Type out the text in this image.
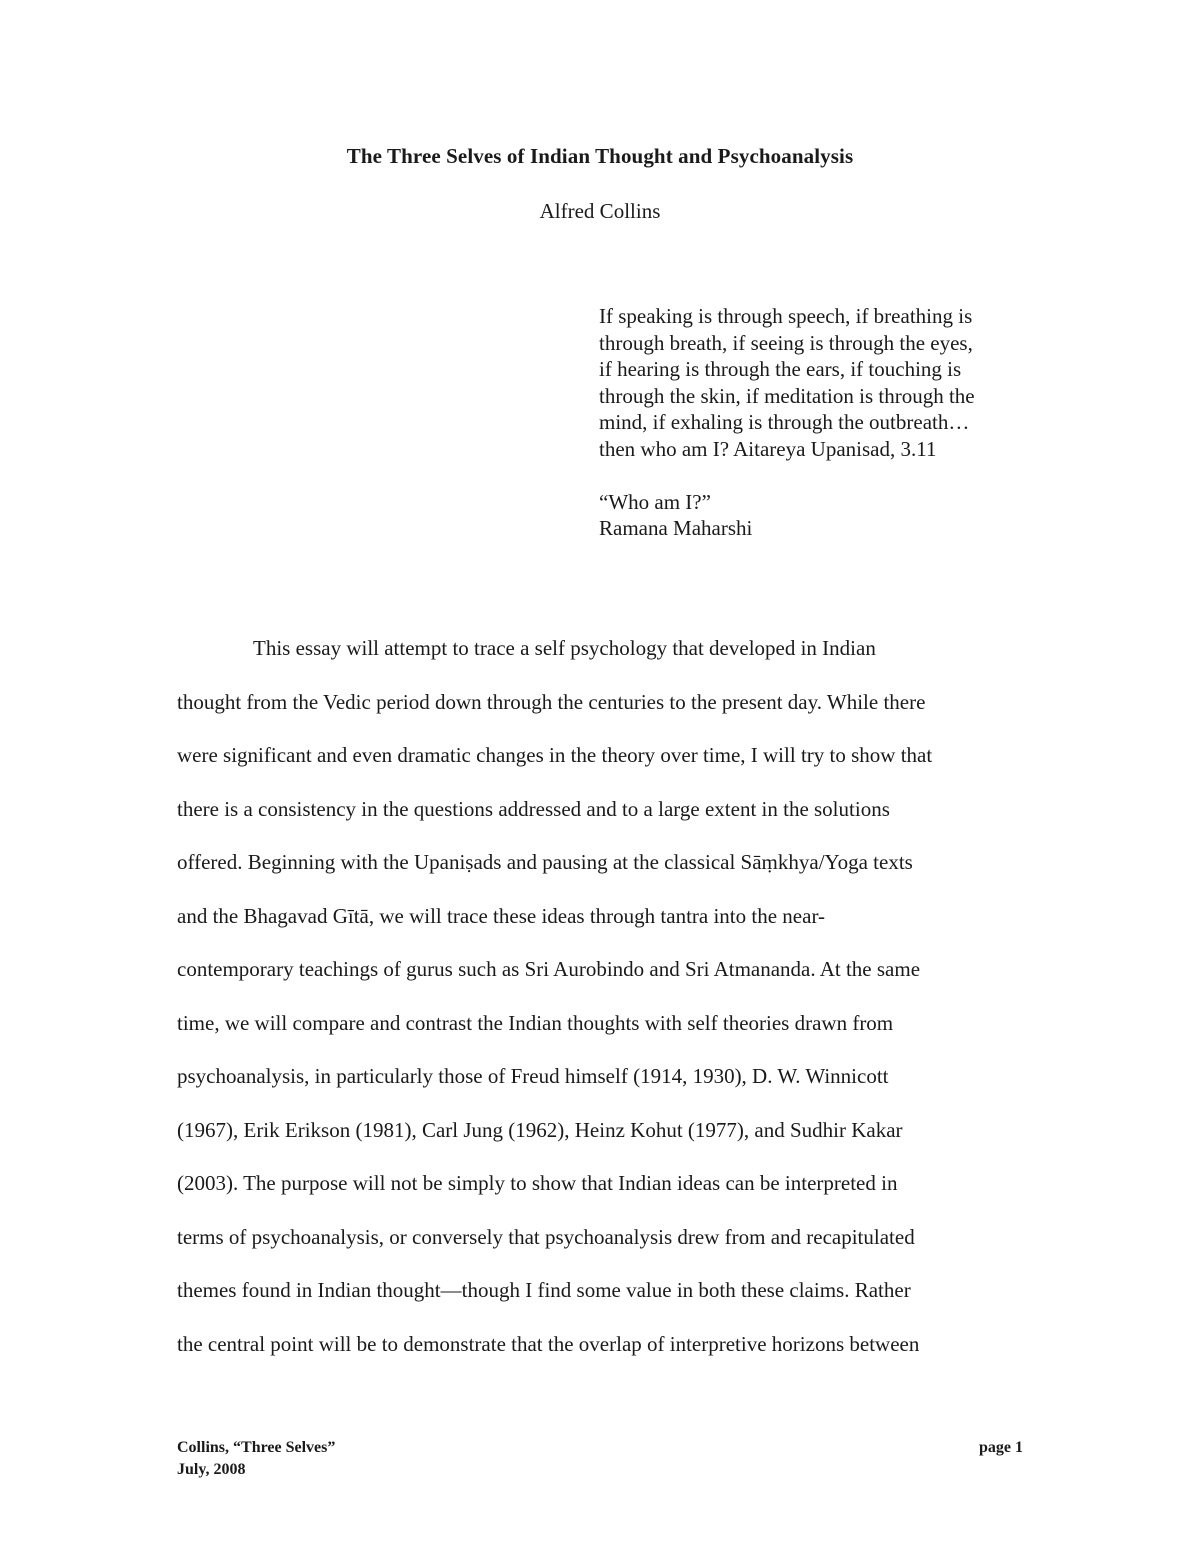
The Three Selves of Indian Thought and Psychoanalysis
Alfred Collins
If speaking is through speech, if breathing is
through breath, if seeing is through the eyes,
if hearing is through the ears, if touching is
through the skin, if meditation is through the
mind, if exhaling is through the outbreath…
then who am I? Aitareya Upanisad, 3.11
“Who am I?”
Ramana Maharshi
This essay will attempt to trace a self psychology that developed in Indian
thought from the Vedic period down through the centuries to the present day. While there
were significant and even dramatic changes in the theory over time, I will try to show that
there is a consistency in the questions addressed and to a large extent in the solutions
offered. Beginning with the Upaniṣads and pausing at the classical Sāṃkhya/Yoga texts
and the Bhagavad Gītā, we will trace these ideas through tantra into the near-
contemporary teachings of gurus such as Sri Aurobindo and Sri Atmananda. At the same
time, we will compare and contrast the Indian thoughts with self theories drawn from
psychoanalysis, in particularly those of Freud himself (1914, 1930), D. W. Winnicott
(1967), Erik Erikson (1981), Carl Jung (1962), Heinz Kohut (1977), and Sudhir Kakar
(2003). The purpose will not be simply to show that Indian ideas can be interpreted in
terms of psychoanalysis, or conversely that psychoanalysis drew from and recapitulated
themes found in Indian thought—though I find some value in both these claims. Rather
the central point will be to demonstrate that the overlap of interpretive horizons between
Collins, “Three Selves”
July, 2008
page 1
